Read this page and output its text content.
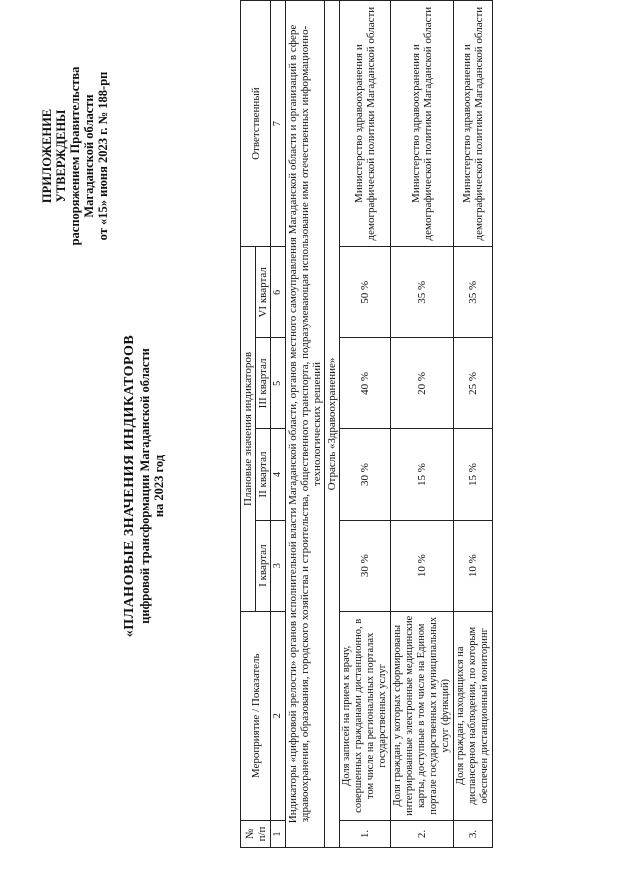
ПРИЛОЖЕНИЕ УТВЕРЖДЕНЫ распоряжением Правительства Магаданской области от «15» июня 2023 г. № 188-рп
«ПЛАНОВЫЕ ЗНАЧЕНИЯ ИНДИКАТОРОВ цифровой трансформации Магаданской области на 2023 год
№ п/п	Мероприятие / Показатель	Плановые значения индикаторов				Ответственный
		I квартал	II квартал	III квартал	VI квартал	
1	2	3	4	5	6	7
Индикаторы «цифровой зрелости» органов исполнительной власти Магаданской области, органов местного самоуправления Магаданской области и организаций в сфере здравоохранения, образования, городского хозяйства и строительства, общественного транспорта, подразумевающая использование ими отечественных информационно-технологических решений						
Отрасль «Здравоохранение»						
1.	Доля записей на прием к врачу, совершенных гражданами дистанционно, в том числе на региональных порталах государственных услуг	30 %	30 %	40 %	50 %	Министерство здравоохранения и демографической политики Магаданской области
2.	Доля граждан, у которых сформированы интегрированные электронные медицинские карты, доступные в том числе на Едином портале государственных и муниципальных услуг (функций)	10 %	15 %	20 %	35 %	Министерство здравоохранения и демографической политики Магаданской области
3.	Доля граждан, находящихся на диспансерном наблюдении, по которым обеспечен дистанционный мониторинг	10 %	15 %	25 %	35 %	Министерство здравоохранения и демографической политики Магаданской области
